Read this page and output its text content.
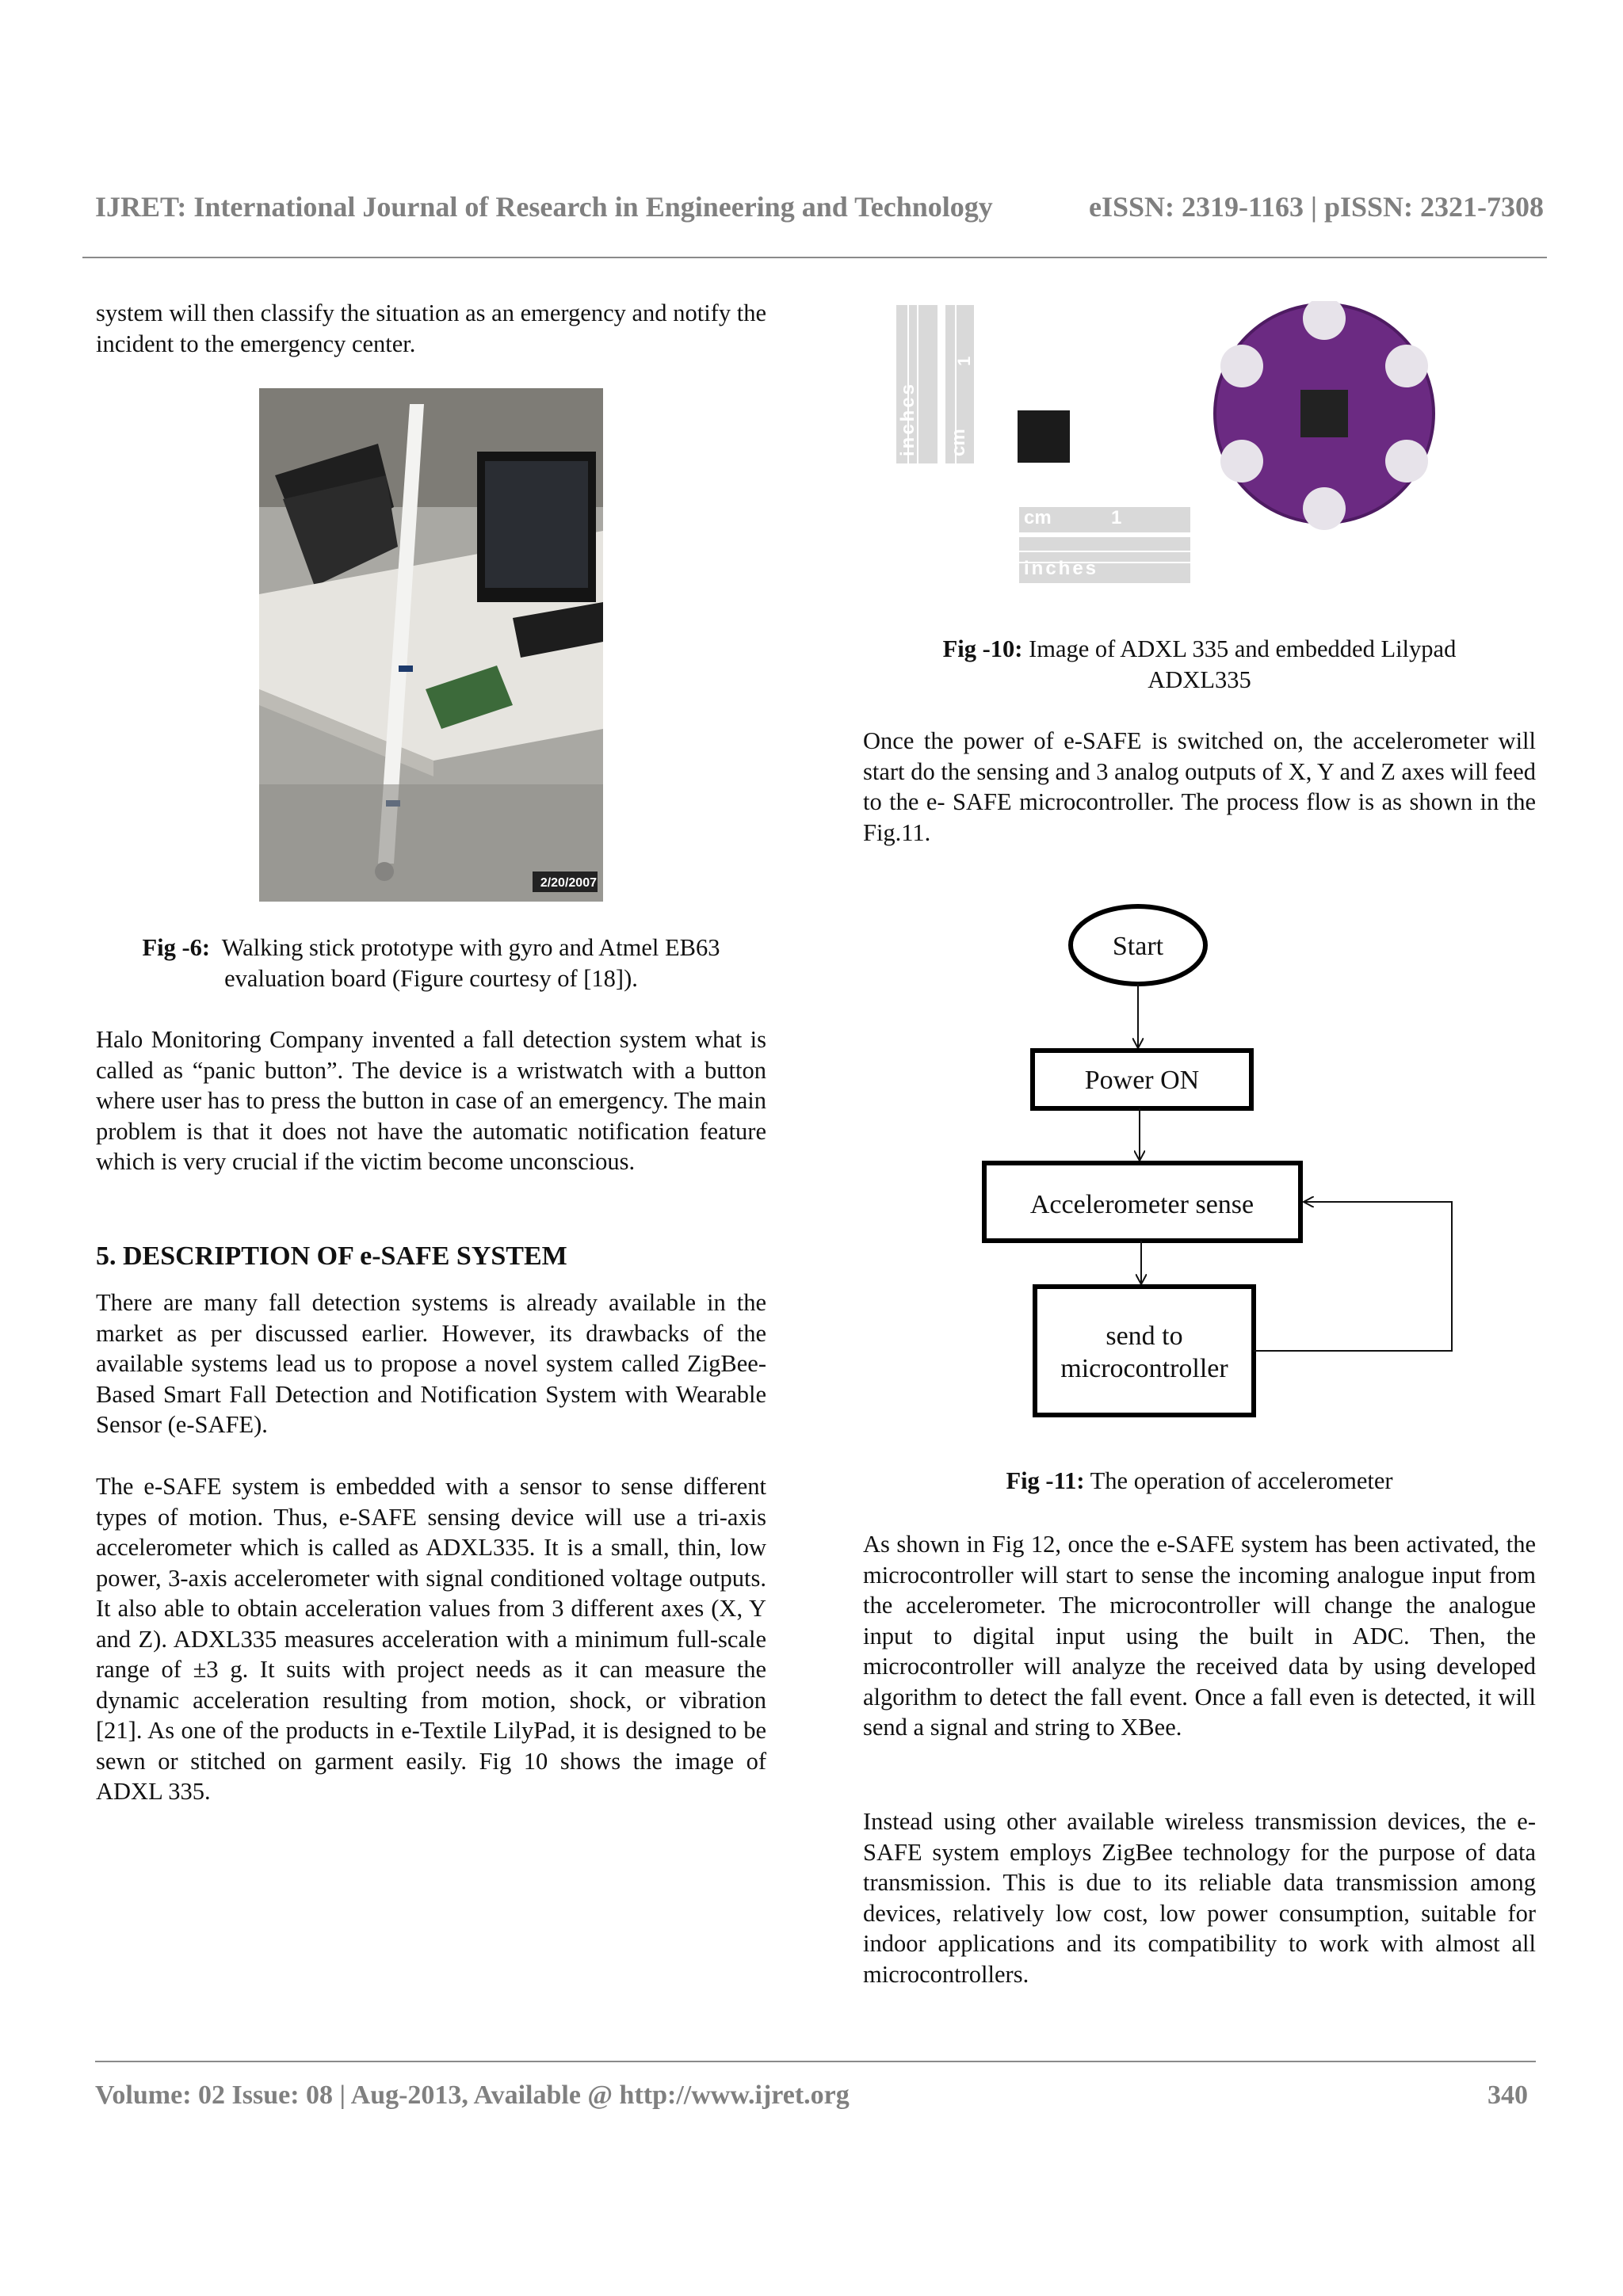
IJRET: International Journal of Research in Engineering and Technology	eISSN: 2319-1163 | pISSN: 2321-7308

system will then classify the situation as an emergency and notify the incident to the emergency center.

2/20/2007
Fig -6: Walking stick prototype with gyro and Atmel EB63
evaluation board (Figure courtesy of [18]).

Halo Monitoring Company invented a fall detection system what is called as “panic button”. The device is a wristwatch with a button where user has to press the button in case of an emergency. The main problem is that it does not have the automatic notification feature which is very crucial if the victim become unconscious.

5. DESCRIPTION OF e-SAFE SYSTEM

There are many fall detection systems is already available in the market as per discussed earlier. However, its drawbacks of the available systems lead us to propose a novel system called ZigBee-Based Smart Fall Detection and Notification System with Wearable Sensor (e-SAFE).

The e-SAFE system is embedded with a sensor to sense different types of motion. Thus, e-SAFE sensing device will use a tri-axis accelerometer which is called as ADXL335. It is a small, thin, low power, 3-axis accelerometer with signal conditioned voltage outputs. It also able to obtain acceleration values from 3 different axes (X, Y and Z). ADXL335 measures acceleration with a minimum full-scale range of ±3 g. It suits with project needs as it can measure the dynamic acceleration resulting from motion, shock, or vibration [21]. As one of the products in e-Textile LilyPad, it is designed to be sewn or stitched on garment easily. Fig 10 shows the image of ADXL 335.

inches cm
1
cm	1
inches
Fig -10: Image of ADXL 335 and embedded Lilypad
ADXL335

Once the power of e-SAFE is switched on, the accelerometer will start do the sensing and 3 analog outputs of X, Y and Z axes will feed to the e- SAFE microcontroller. The process flow is as shown in the Fig.11.

Start
Power ON
Accelerometer sense
send to
microcontroller
Fig -11: The operation of accelerometer

As shown in Fig 12, once the e-SAFE system has been activated, the microcontroller will start to sense the incoming analogue input from the accelerometer. The microcontroller will change the analogue input to digital input using the built in ADC. Then, the microcontroller will analyze the received data by using developed algorithm to detect the fall event. Once a fall even is detected, it will send a signal and string to XBee.

Instead using other available wireless transmission devices, the e-SAFE system employs ZigBee technology for the purpose of data transmission. This is due to its reliable data transmission among devices, relatively low cost, low power consumption, suitable for indoor applications and its compatibility to work with almost all microcontrollers.

Volume: 02 Issue: 08 | Aug-2013, Available @ http://www.ijret.org	340
